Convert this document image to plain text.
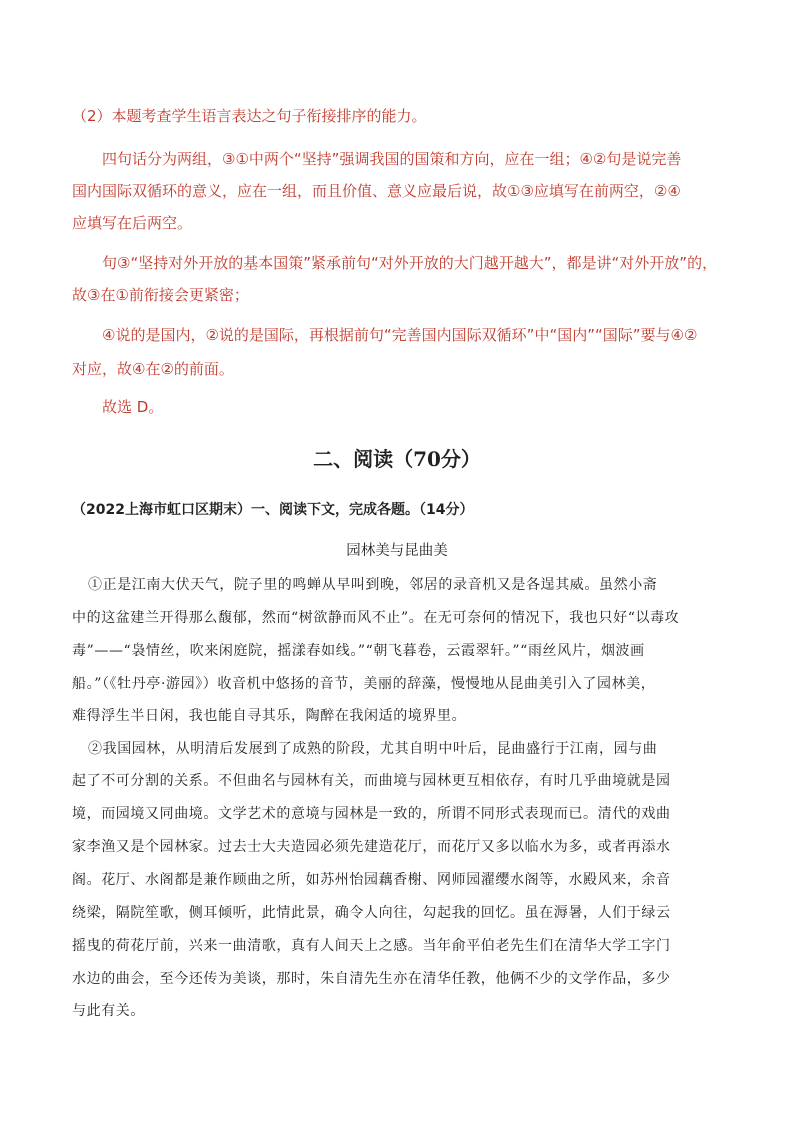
（2）本题考查学生语言表达之句子衔接排序的能力。
四句话分为两组，③①中两个“坚持”强调我国的国策和方向，应在一组；④②句是说完善
国内国际双循环的意义，应在一组，而且价值、意义应最后说，故①③应填写在前两空，②④
应填写在后两空。
句③“坚持对外开放的基本国策”紧承前句“对外开放的大门越开越大”，都是讲“对外开放”的，
故③在①前衔接会更紧密；
④说的是国内，②说的是国际，再根据前句“完善国内国际双循环”中“国内”“国际”要与④②
对应，故④在②的前面。
故选 D。
二、阅读（70分）
（2022上海市虹口区期末）一、阅读下文，完成各题。（14分）
园林美与昆曲美
①正是江南大伏天气，院子里的鸣蝉从早叫到晚，邻居的录音机又是各逞其威。虽然小斋
中的这盆建兰开得那么馥郁，然而“树欲静而风不止”。在无可奈何的情况下，我也只好“以毒攻
毒”——“袅情丝，吹来闲庭院，摇漾春如线。”“朝飞暮卷，云霞翠轩。”“雨丝风片，烟波画
船。”（《牡丹亭·游园》）收音机中悠扬的音节，美丽的辞藻，慢慢地从昆曲美引入了园林美，
难得浮生半日闲，我也能自寻其乐，陶醉在我闲适的境界里。
②我国园林，从明清后发展到了成熟的阶段，尤其自明中叶后，昆曲盛行于江南，园与曲
起了不可分割的关系。不但曲名与园林有关，而曲境与园林更互相依存，有时几乎曲境就是园
境，而园境又同曲境。文学艺术的意境与园林是一致的，所谓不同形式表现而已。清代的戏曲
家李渔又是个园林家。过去士大夫造园必须先建造花厅，而花厅又多以临水为多，或者再添水
阁。花厅、水阁都是兼作顾曲之所，如苏州怡园藕香榭、网师园濯缨水阁等，水殿风来，余音
绕梁，隔院笙歌，侧耳倾听，此情此景，确令人向往，勾起我的回忆。虽在溽暑，人们于绿云
摇曳的荷花厅前，兴来一曲清歌，真有人间天上之感。当年俞平伯老先生们在清华大学工字门
水边的曲会，至今还传为美谈，那时，朱自清先生亦在清华任教，他俩不少的文学作品，多少
与此有关。
